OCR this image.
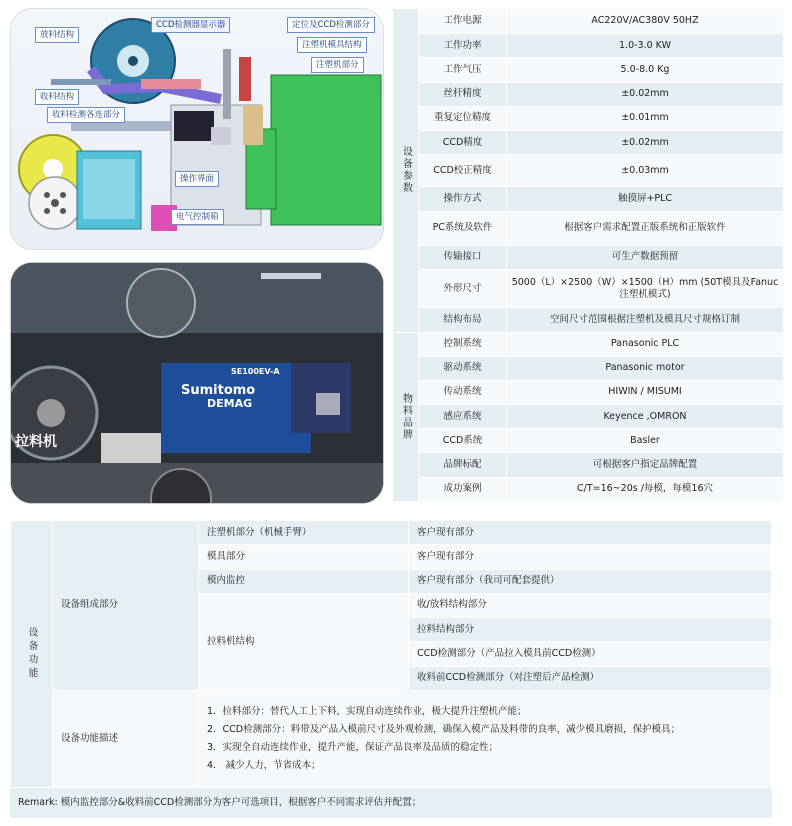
放料结构
CCD检测器显示器	定位及CCD检测部分
注塑机模具结构
注塑机部分
收料结构
收料检测各连部分
操作界面
电气控制箱
Sumitomo
DEMAG
SE100EV-A
拉料机
设备参数	工作电源	AC220V/AC380V 50HZ
	工作功率	1.0-3.0 KW
	工作气压	5.0-8.0 Kg
	丝杆精度	±0.02mm
	重复定位精度	±0.01mm
	CCD精度	±0.02mm
	CCD校正精度	±0.03mm
	操作方式	触摸屏+PLC
	PC系统及软件	根据客户需求配置正版系统和正版软件
	传输接口	可生产数据预留
	外形尺寸	5000（L）×2500（W）×1500（H）mm (50T模具及Fanuc注塑机模式)
	结构布局	空间尺寸范围根据注塑机及模具尺寸规格订制
物料品牌	控制系统	Panasonic PLC
	驱动系统	Panasonic motor
	传动系统	HIWIN / MISUMI
	感应系统	Keyence ,OMRON
	CCD系统	Basler
	品牌标配	可根据客户指定品牌配置
	成功案例	C/T=16~20s /每模，每模16穴
设备功能	设备组成部分	注塑机部分（机械手臂）	客户现有部分
		模具部分	客户现有部分
		模内监控	客户现有部分（我司可配套提供）
		拉料机结构	收/放料结构部分
			拉料结构部分
			CCD检测部分（产品拉入模具前CCD检测）
			收料前CCD检测部分（对注塑后产品检测）
	设备功能描述	1．拉料部分：替代人工上下料，实现自动连续作业，极大提升注塑机产能；
2．CCD检测部分：料带及产品入模前尺寸及外观检测，确保入模产品及料带的良率，减少模具磨损，保护模具；
3．实现全自动连续作业，提升产能，保证产品良率及品质的稳定性；
4． 减少人力，节省成本；	
Remark: 模内监控部分&收料前CCD检测部分为客户可选项目，根据客户不同需求评估并配置；
